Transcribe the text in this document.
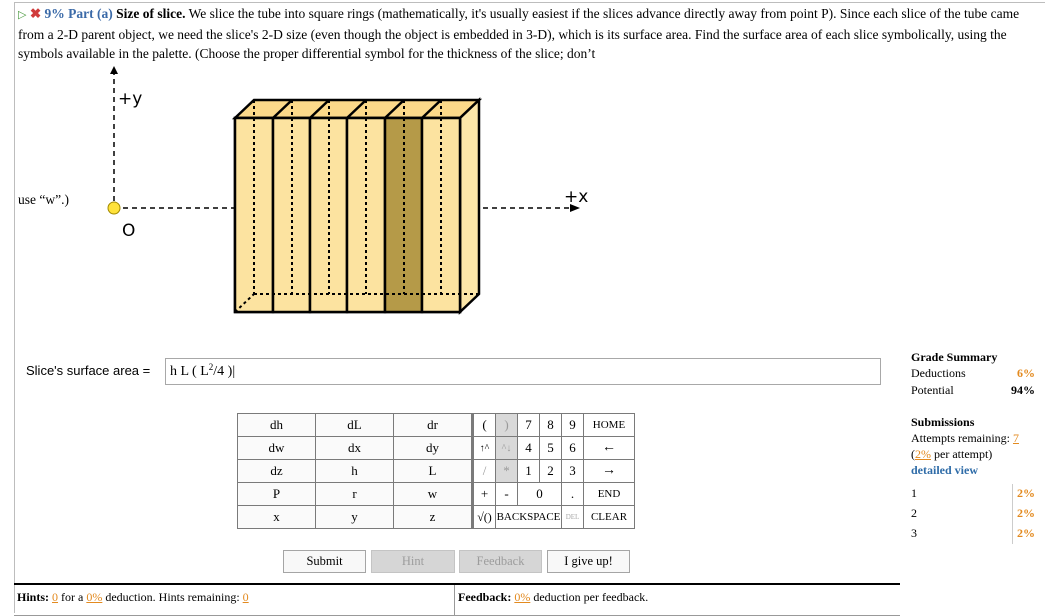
▷ ✖ 9% Part (a) Size of slice. We slice the tube into square rings (mathematically, it's usually easiest if the slices advance directly away from point P). Since each slice of the tube came from a 2-D parent object, we need the slice's 2-D size (even though the object is embedded in 3-D), which is its surface area. Find the surface area of each slice symbolically, using the symbols available in the palette. (Choose the proper differential symbol for the thickness of the slice; don’t
use “w”.)
+y
+x
O
Slice's surface area =	h L ( $L^2/4$ )|
dh	dL	dr	(	)	7	8	9	HOME
dw	dx	dy	↑^	^↓	4	5	6	←
dz	h	L	/	*	1	2	3	→
P	r	w	+	-	0		.	END
x	y	z	√()	BACKSPACE			DEL	CLEAR
Submit	Hint	Feedback	I give up!
Hints: 0 for a 0% deduction. Hints remaining: 0	Feedback: 0% deduction per feedback.
Grade Summary
Deductions	6%
Potential	94%
Submissions
Attempts remaining: 7
(2% per attempt)
detailed view
1	2%
2	2%
3	2%
